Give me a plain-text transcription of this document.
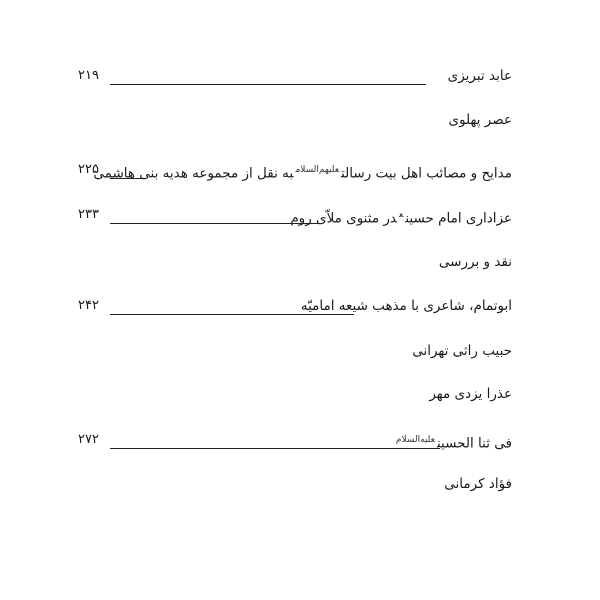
عابد تبریزی
۲۱۹
عصر پهلوی
مدایح و مصائب اهل بیت رسالت$^{علیهم‌السلام}$به نقل از مجموعه هدیه بنی هاشمی
۲۲۵
عزاداری امام حسین$^ع$در مثنوی ملاّی روم
۲۳۳
نقد و بررسی
ابوتمام، شاعری با مذهب شیعه امامیّه
۲۴۲
حبیب راثی تهرانی
عذرا یزدی مهر
فی ثنا الحسین$^{علیه‌السلام}$
۲۷۲
فؤاد کرمانی
